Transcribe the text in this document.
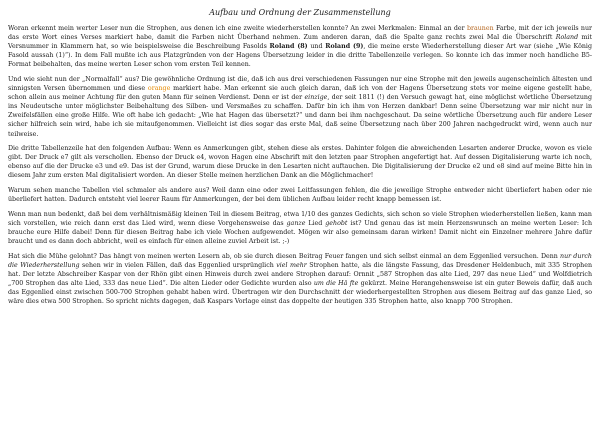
Aufbau und Ordnung der Zusammenstellung

Woran erkennt mein werter Leser nun die Strophen, aus denen ich eine zweite wiederherstellen konnte? An zwei Merkmalen: Einmal an der braunen Farbe, mit der ich jeweils nur das erste Wort eines Verses markiert habe, damit die Farben nicht Überhand nehmen. Zum anderen daran, daß die Spalte ganz rechts zwei Mal die Überschrift Roland mit Versnummer in Klammern hat, so wie beispielsweise die Beschreibung Fasolds Roland (8) und Roland (9), die meine erste Wiederherstellung dieser Art war (siehe „Wie König Fasold aussah (1)“). In dem Fall mußte ich aus Platzgründen von der Hagens Übersetzung leider in die dritte Tabellenzeile verlegen. So konnte ich das immer noch handliche B5-Format beibehalten, das meine werten Leser schon vom ersten Teil kennen.

Und wie sieht nun der „Normalfall“ aus? Die gewöhnliche Ordnung ist die, daß ich aus drei verschiedenen Fassungen nur eine Strophe mit den jeweils augenscheinlich ältesten und sinnigsten Versen übernommen und diese orange markiert habe. Man erkennt sie auch gleich daran, daß ich von der Hagens Übersetzung stets vor meine eigene gestellt habe, schon allein aus meiner Achtung für den guten Mann für seinen Verdienst. Denn er ist der einzige, der seit 1811 (!) den Versuch gewagt hat, eine möglichst wörtliche Übersetzung ins Neudeutsche unter möglichster Beibehaltung des Silben- und Versmaßes zu schaffen. Dafür bin ich ihm von Herzen dankbar! Denn seine Übersetzung war mir nicht nur in Zweifelsfällen eine große Hilfe. Wie oft habe ich gedacht: „Wie hat Hagen das übersetzt?“ und dann bei ihm nachgeschaut. Da seine wörtliche Übersetzung auch für andere Leser sicher hilfreich sein wird, habe ich sie mitaufgenommen. Vielleicht ist dies sogar das erste Mal, daß seine Übersetzung nach über 200 Jahren nachgedruckt wird, wenn auch nur teilweise.

Die dritte Tabellenzeile hat den folgenden Aufbau: Wenn es Anmerkungen gibt, stehen diese als erstes. Dahinter folgen die abweichenden Lesarten anderer Drucke, wovon es viele gibt. Der Druck e7 gilt als verschollen. Ebenso der Druck e4, wovon Hagen eine Abschrift mit den letzten paar Strophen angefertigt hat. Auf dessen Digitalisierung warte ich noch, ebenso auf die der Drucke e3 und e9. Das ist der Grund, warum diese Drucke in den Lesarten nicht auftauchen. Die Digitalisierung der Drucke e2 und e8 sind auf meine Bitte hin in diesem Jahr zum ersten Mal digitalisiert worden. An dieser Stelle meinen herzlichen Dank an die Möglichmacher!

Warum sehen manche Tabellen viel schmaler als andere aus? Weil dann eine oder zwei Leitfassungen fehlen, die die jeweilige Strophe entweder nicht überliefert haben oder nie überliefert hatten. Dadurch entsteht viel leerer Raum für Anmerkungen, der bei dem üblichen Aufbau leider recht knapp bemessen ist.

Wenn man nun bedenkt, daß bei dem verhältnismäßig kleinen Teil in diesem Beitrag, etwa 1/10 des ganzes Gedichts, sich schon so viele Strophen wiederherstellen ließen, kann man sich vorstellen, wie reich dann erst das Lied wird, wenn diese Vorgehensweise das ganze Lied gehobt ist? Und genau das ist mein Herzenswunsch an meine werten Leser: Ich brauche eure Hilfe dabei! Denn für diesen Beitrag habe ich viele Wochen aufgewendet. Mögen wir also gemeinsam daran wirken! Damit nicht ein Einzelner mehrere Jahre dafür braucht und es dann doch abbricht, weil es einfach für einen alleine zuviel Arbeit ist. ;-)

Hat sich die Mühe gelohnt? Das hängt von meinen werten Lesern ab, ob sie durch diesen Beitrag Feuer fangen und sich selbst einmal an dem Eggenlied versuchen. Denn nur durch die Wiederherstellung sehen wir in vielen Fällen, daß das Eggenlied ursprünglich viel mehr Strophen hatte, als die längste Fassung, das Dresdener Heldenbuch, mit 335 Strophen hat. Der letzte Abschreiber Kaspar von der Rhön gibt einen Hinweis durch zwei andere Strophen darauf: Ornnit „587 Strophen das alte Lied, 297 das neue Lied“ und Wolfdietrich „700 Strophen das alte Lied, 333 das neue Lied“. Die alten Lieder oder Gedichte wurden also um die Hä fte gekürzt. Meine Herangehensweise ist ein guter Beweis dafür, daß auch das Eggenlied einst zwischen 500-700 Strophen gehabt haben wird. Übertragen wir den Durchschnitt der wiederhergestellten Strophen aus diesem Beitrag auf das ganze Lied, so wäre dies etwa 500 Strophen. So spricht nichts dagegen, daß Kaspars Vorlage einst das doppelte der heutigen 335 Strophen hatte, also knapp 700 Strophen.
